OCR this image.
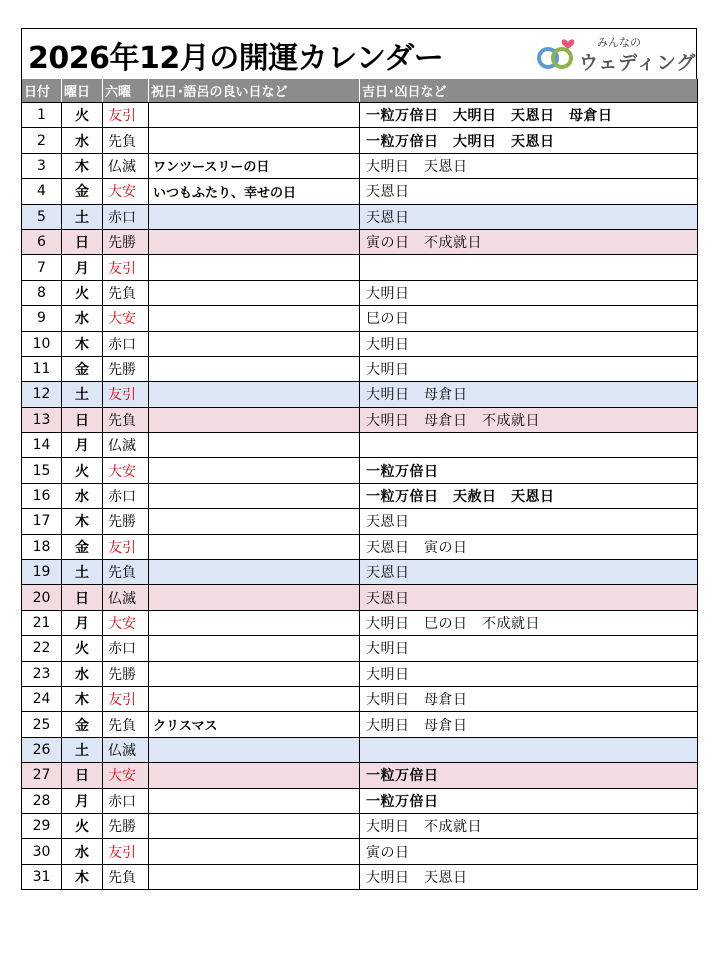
2026年12月の開運カレンダー	みんなの
ウェディング
日付	曜日	六曜	祝日･語呂の良い日など	吉日･凶日など
1	火	友引		一粒万倍日　大明日　天恩日　母倉日
2	水	先負		一粒万倍日　大明日　天恩日
3	木	仏滅	ワンツースリーの日	大明日　天恩日
4	金	大安	いつもふたり、幸せの日	天恩日
5	土	赤口		天恩日
6	日	先勝		寅の日　不成就日
7	月	友引		
8	火	先負		大明日
9	水	大安		巳の日
10	木	赤口		大明日
11	金	先勝		大明日
12	土	友引		大明日　母倉日
13	日	先負		大明日　母倉日　不成就日
14	月	仏滅		
15	火	大安		一粒万倍日
16	水	赤口		一粒万倍日　天赦日　天恩日
17	木	先勝		天恩日
18	金	友引		天恩日　寅の日
19	土	先負		天恩日
20	日	仏滅		天恩日
21	月	大安		大明日　巳の日　不成就日
22	火	赤口		大明日
23	水	先勝		大明日
24	木	友引		大明日　母倉日
25	金	先負	クリスマス	大明日　母倉日
26	土	仏滅		
27	日	大安		一粒万倍日
28	月	赤口		一粒万倍日
29	火	先勝		大明日　不成就日
30	水	友引		寅の日
31	木	先負		大明日　天恩日
